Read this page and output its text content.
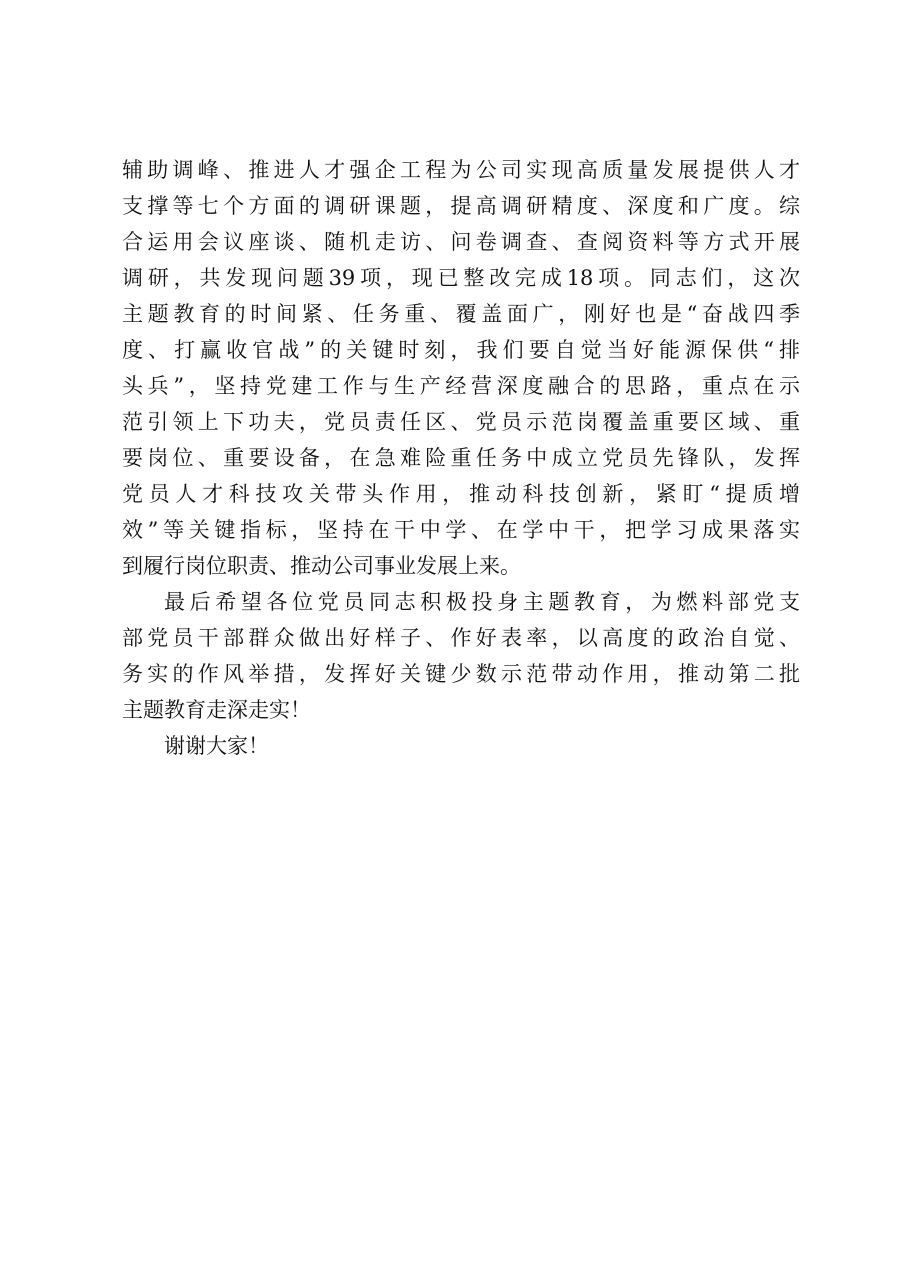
辅助调峰、推进人才强企工程为公司实现高质量发展提供人才
支撑等七个方面的调研课题，提高调研精度、深度和广度。综
合运用会议座谈、随机走访、问卷调查、查阅资料等方式开展
调研，共发现问题39项，现已整改完成18项。同志们，这次
主题教育的时间紧、任务重、覆盖面广，刚好也是“奋战四季
度、打赢收官战”的关键时刻，我们要自觉当好能源保供“排
头兵”，坚持党建工作与生产经营深度融合的思路，重点在示
范引领上下功夫，党员责任区、党员示范岗覆盖重要区域、重
要岗位、重要设备，在急难险重任务中成立党员先锋队，发挥
党员人才科技攻关带头作用，推动科技创新，紧盯“提质增
效”等关键指标，坚持在干中学、在学中干，把学习成果落实
到履行岗位职责、推动公司事业发展上来。
最后希望各位党员同志积极投身主题教育，为燃料部党支
部党员干部群众做出好样子、作好表率，以高度的政治自觉、
务实的作风举措，发挥好关键少数示范带动作用，推动第二批
主题教育走深走实！
谢谢大家！
